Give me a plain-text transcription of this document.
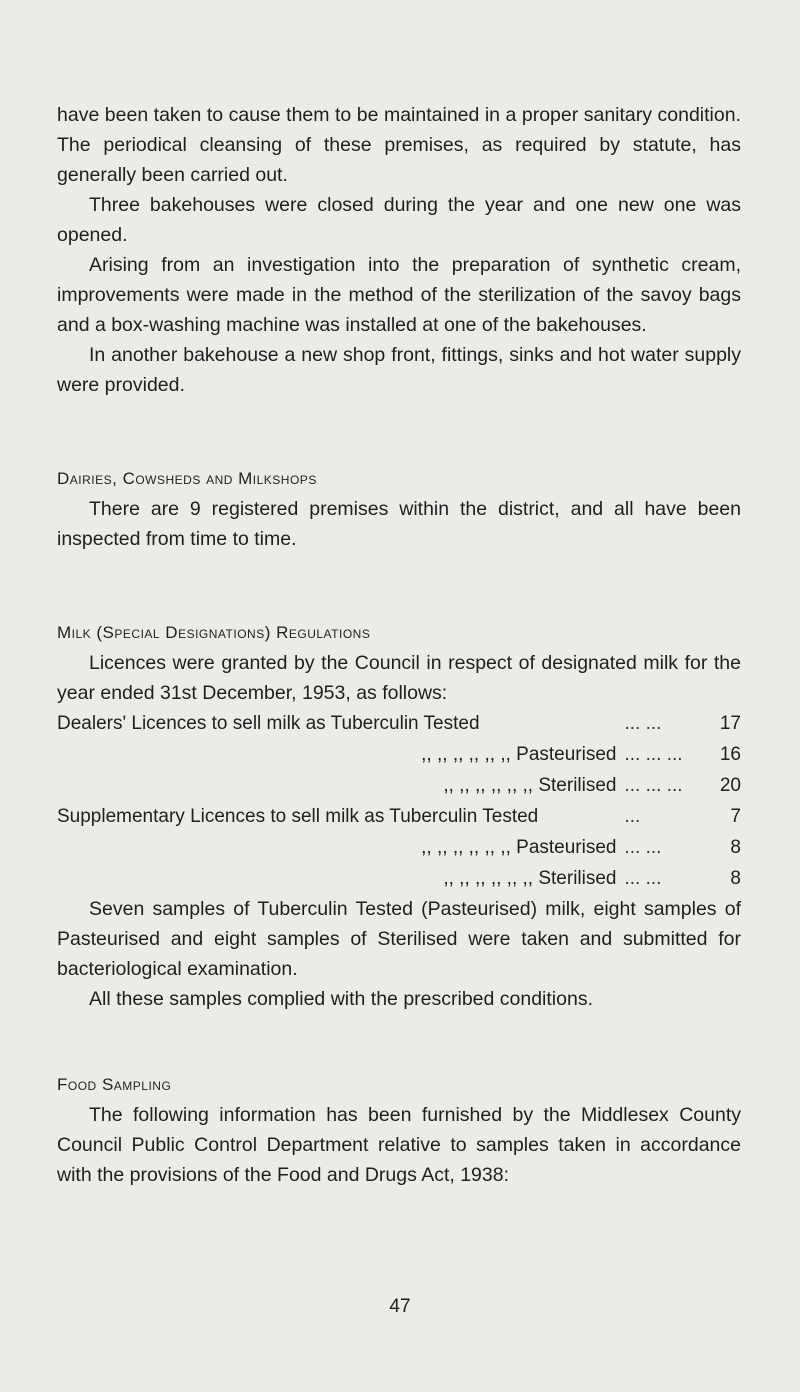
have been taken to cause them to be maintained in a proper sanitary condition. The periodical cleansing of these premises, as required by statute, has generally been carried out.

Three bakehouses were closed during the year and one new one was opened.

Arising from an investigation into the preparation of synthetic cream, improvements were made in the method of the sterilization of the savoy bags and a box-washing machine was installed at one of the bakehouses.

In another bakehouse a new shop front, fittings, sinks and hot water supply were provided.

Dairies, Cowsheds and Milkshops

There are 9 registered premises within the district, and all have been inspected from time to time.

Milk (Special Designations) Regulations

Licences were granted by the Council in respect of designated milk for the year ended 31st December, 1953, as follows:

Dealers' Licences to sell milk as Tuberculin Tested	... ...	17
,, ,, ,, ,, ,, ,, Pasteurised	... ... ...	16
,, ,, ,, ,, ,, ,, Sterilised	... ... ...	20
Supplementary Licences to sell milk as Tuberculin Tested	...	7
,, ,, ,, ,, ,, ,, Pasteurised	... ...	8
,, ,, ,, ,, ,, ,, Sterilised	... ...	8

Seven samples of Tuberculin Tested (Pasteurised) milk, eight samples of Pasteurised and eight samples of Sterilised were taken and submitted for bacteriological examination.

All these samples complied with the prescribed conditions.

Food Sampling

The following information has been furnished by the Middlesex County Council Public Control Department relative to samples taken in accordance with the provisions of the Food and Drugs Act, 1938:

47
